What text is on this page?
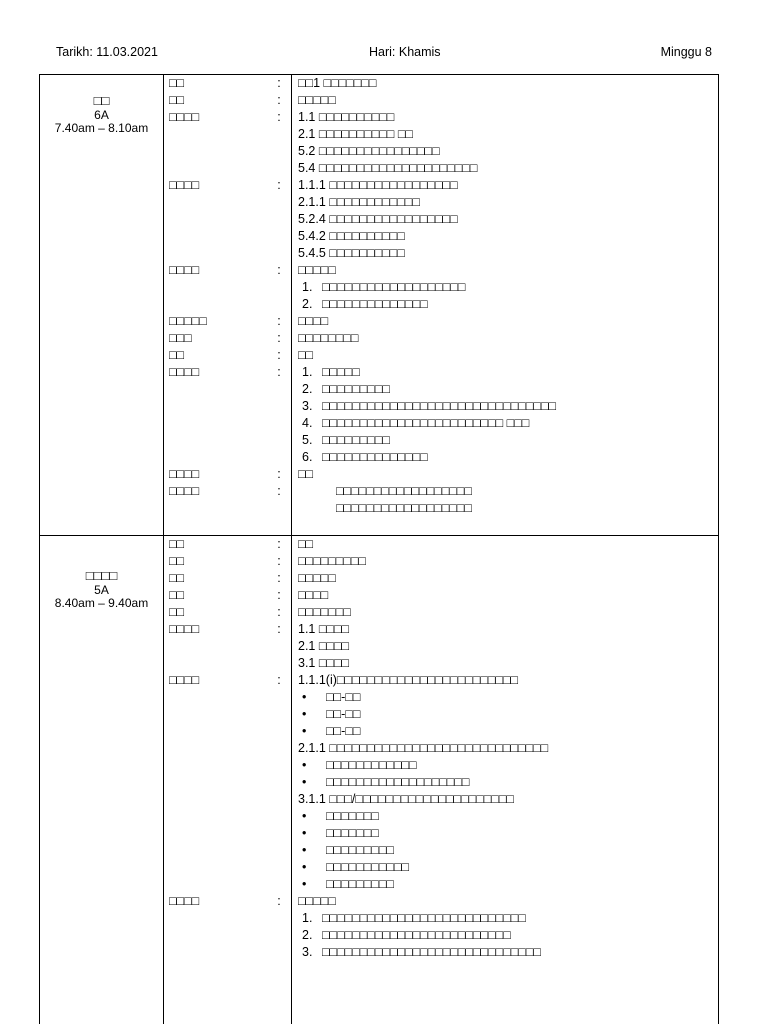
Tarikh: 11.03.2021	Hari: Khamis	Minggu 8
□□
6A
7.40am – 8.10am
□□
□□
□□□□
□□□□
□□□□
□□□□□
□□□
□□
□□□□
□□□□
□□□□
:
:
:
:
:
:
:
:
:
:
:
□□1 □□□□□□□
□□□□□
1.1 □□□□□□□□□□
2.1 □□□□□□□□□□ □□
5.2 □□□□□□□□□□□□□□□□
5.4 □□□□□□□□□□□□□□□□□□□□□
1.1.1 □□□□□□□□□□□□□□□□□
2.1.1 □□□□□□□□□□□□
5.2.4 □□□□□□□□□□□□□□□□□
5.4.2 □□□□□□□□□□
5.4.5 □□□□□□□□□□
□□□□□
1. □□□□□□□□□□□□□□□□□□□
2. □□□□□□□□□□□□□□
□□□□
□□□□□□□□
□□
1. □□□□□
2. □□□□□□□□□
3. □□□□□□□□□□□□□□□□□□□□□□□□□□□□□□□
4. □□□□□□□□□□□□□□□□□□□□□□□□ □□□
5. □□□□□□□□□
6. □□□□□□□□□□□□□□
□□
□□□□□□□□□□□□□□□□□□
□□□□□□□□□□□□□□□□□□
□□□□
5A
8.40am – 9.40am
□□
□□
□□
□□
□□
□□□□
□□□□
□□□□
:
:
:
:
:
:
:
:
□□
□□□□□□□□□
□□□□□
□□□□
□□□□□□□
1.1 □□□□
2.1 □□□□
3.1 □□□□
1.1.1(i)□□□□□□□□□□□□□□□□□□□□□□□□
• □□-□□
• □□-□□
• □□-□□
2.1.1 □□□□□□□□□□□□□□□□□□□□□□□□□□□□□
• □□□□□□□□□□□□
• □□□□□□□□□□□□□□□□□□□
3.1.1 □□□/□□□□□□□□□□□□□□□□□□□□□
• □□□□□□□
• □□□□□□□
• □□□□□□□□□
• □□□□□□□□□□□
• □□□□□□□□□
□□□□□
1. □□□□□□□□□□□□□□□□□□□□□□□□□□□
2. □□□□□□□□□□□□□□□□□□□□□□□□□
3. □□□□□□□□□□□□□□□□□□□□□□□□□□□□□
